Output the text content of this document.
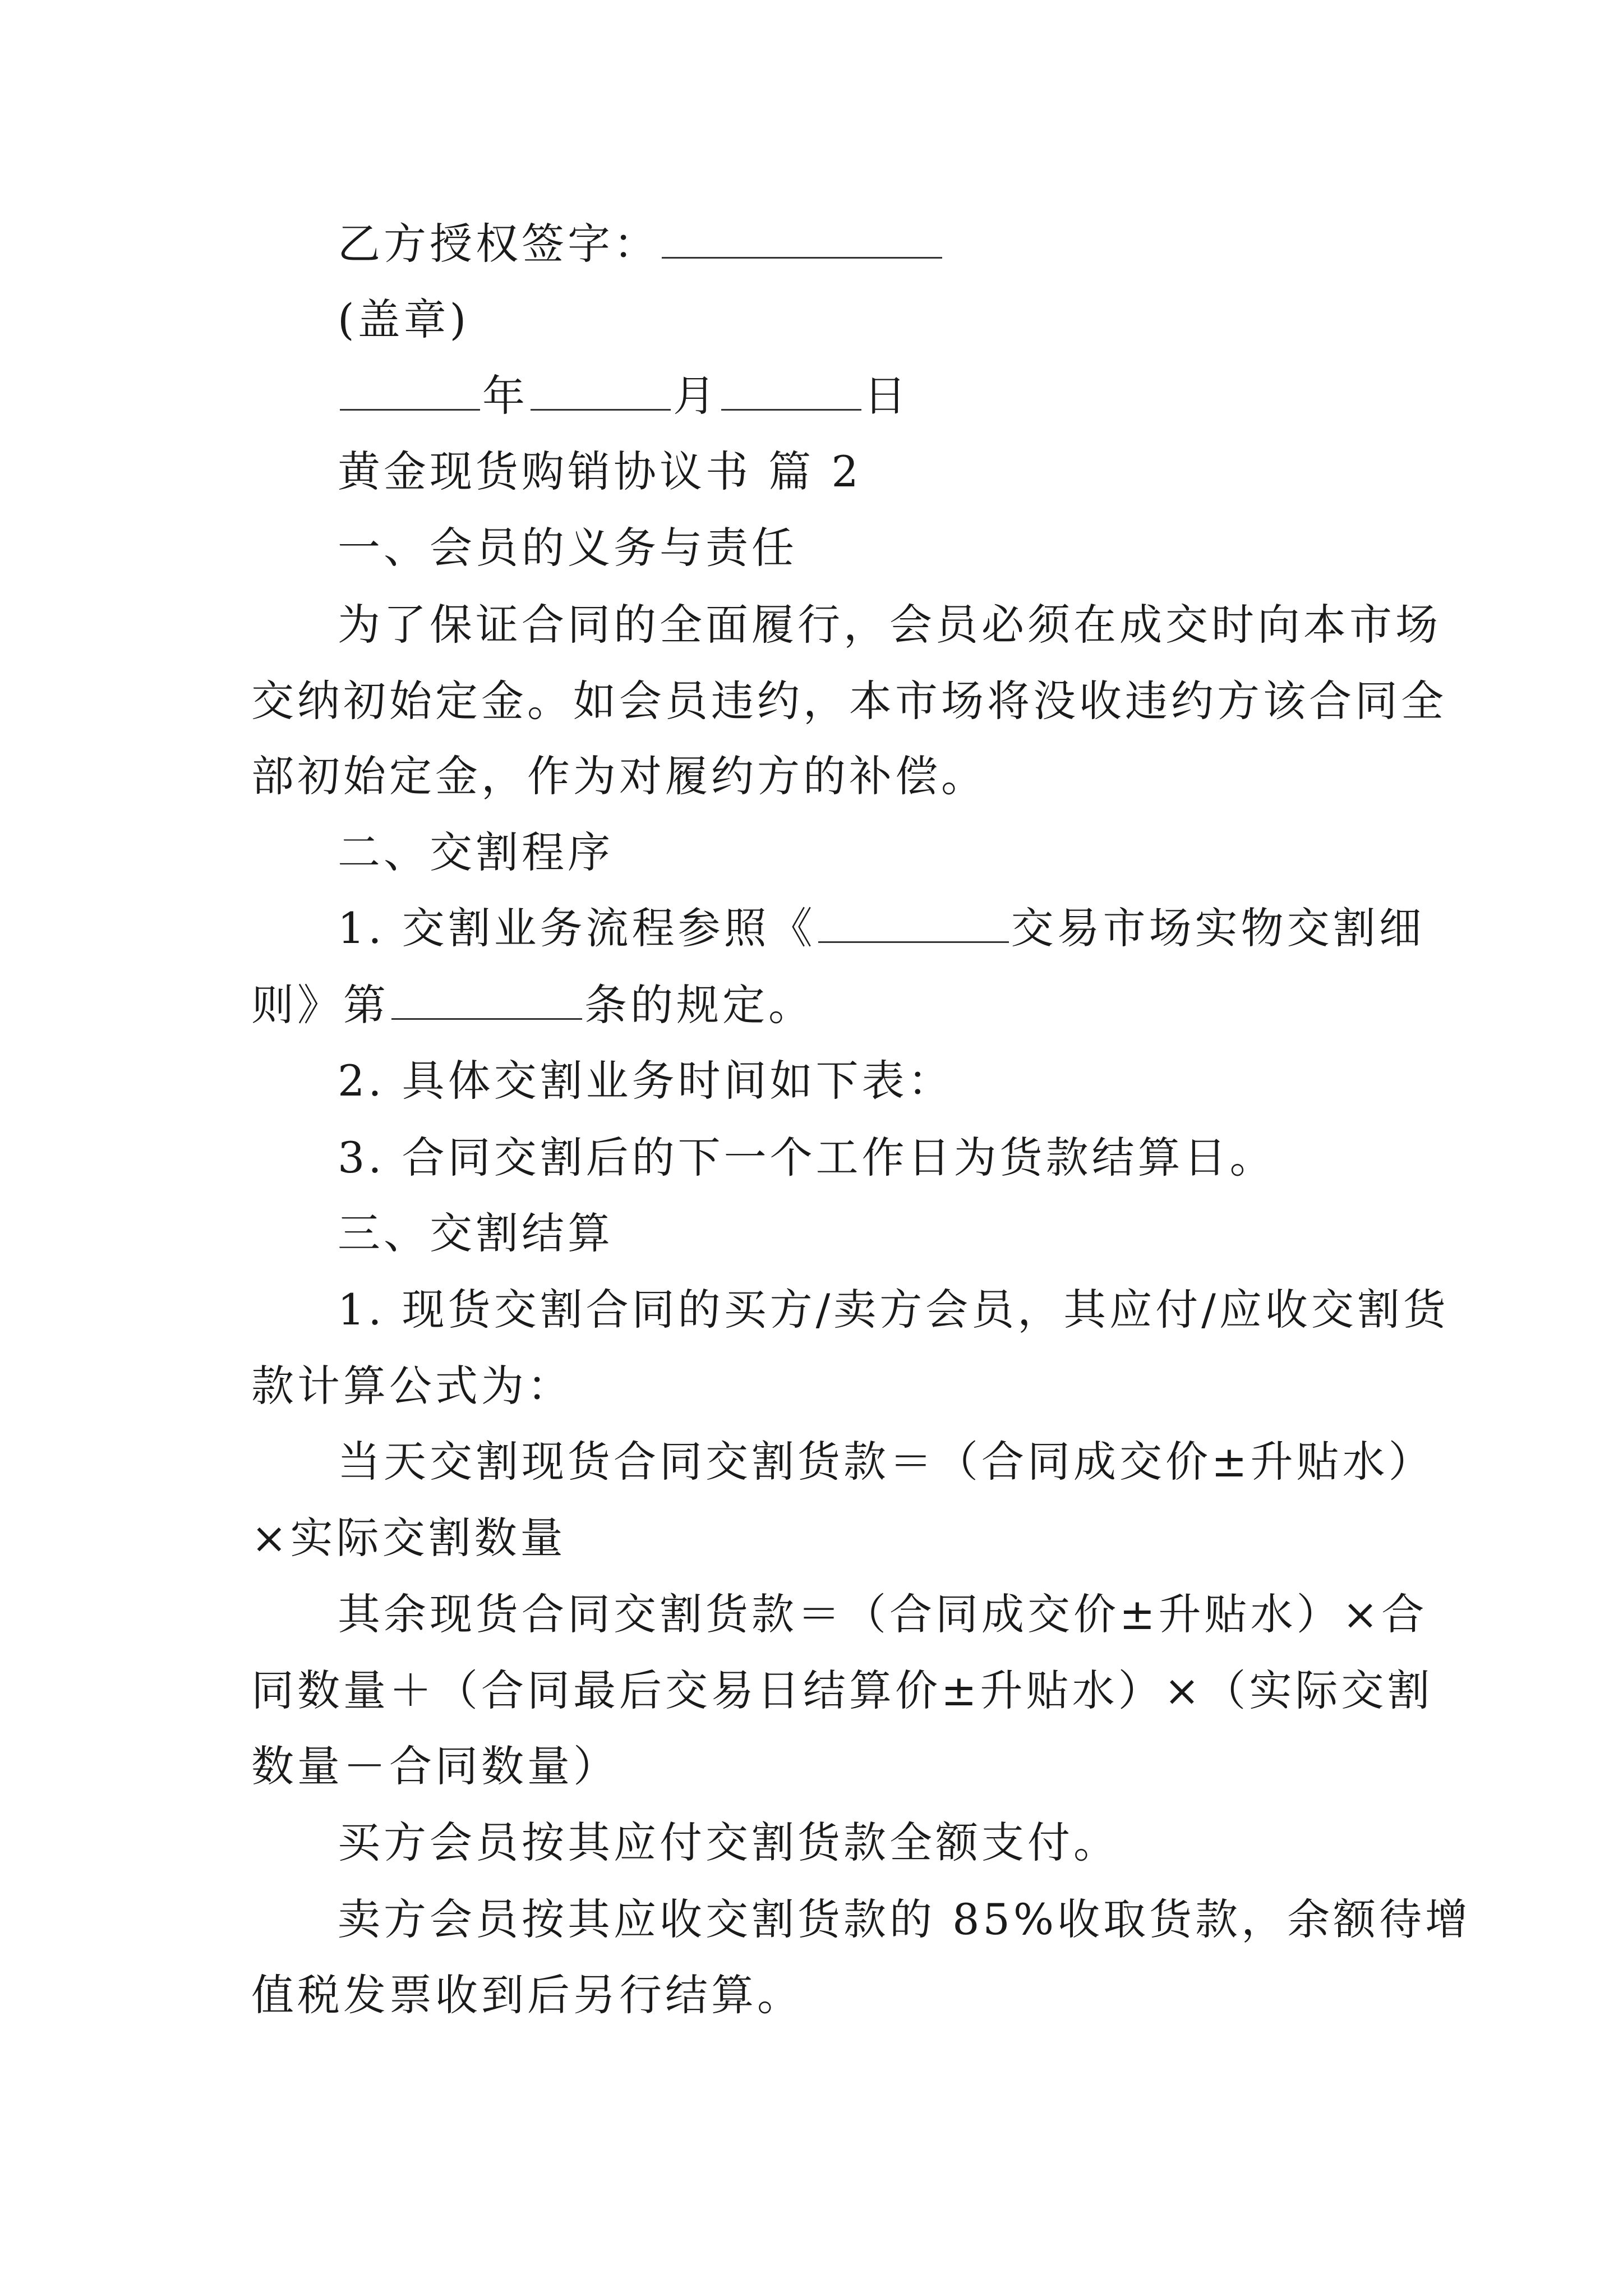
乙方授权签字：
(盖章)
年	月	日
黄金现货购销协议书 篇 2
一、会员的义务与责任
为了保证合同的全面履行，会员必须在成交时向本市场
交纳初始定金。如会员违约，本市场将没收违约方该合同全
部初始定金，作为对履约方的补偿。
二、交割程序
1. 交割业务流程参照《	交易市场实物交割细
则》第	条的规定。
2. 具体交割业务时间如下表：
3. 合同交割后的下一个工作日为货款结算日。
三、交割结算
1. 现货交割合同的买方/卖方会员，其应付/应收交割货
款计算公式为：
当天交割现货合同交割货款＝（合同成交价±升贴水）
×实际交割数量
其余现货合同交割货款＝（合同成交价±升贴水）×合
同数量＋（合同最后交易日结算价±升贴水）×（实际交割
数量－合同数量）
买方会员按其应付交割货款全额支付。
卖方会员按其应收交割货款的 85%收取货款，余额待增
值税发票收到后另行结算。
